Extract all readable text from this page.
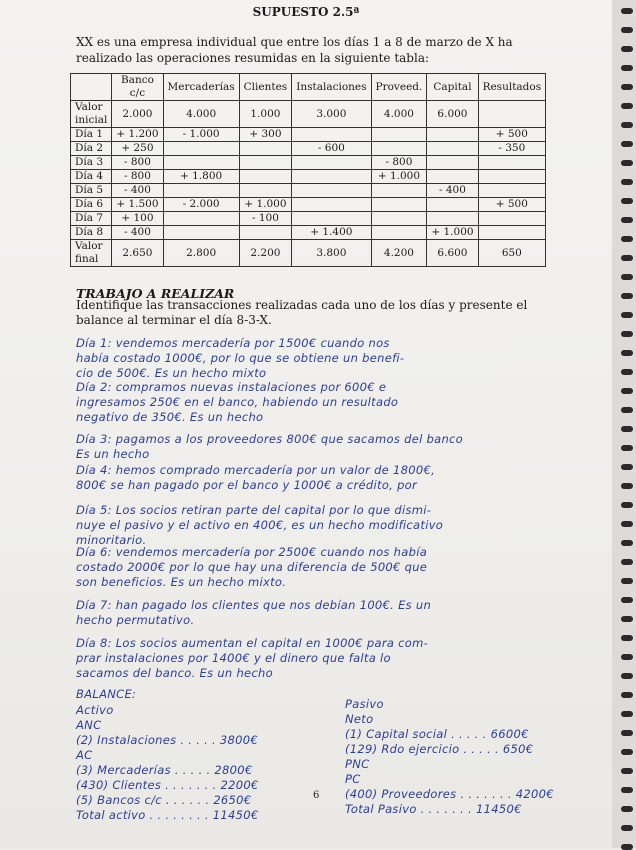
SUPUESTO 2.5ª
XX es una empresa individual que entre los días 1 a 8 de marzo de X ha realizado las operaciones resumidas en la siguiente tabla:
	Banco c/c	Mercaderías	Clientes	Instalaciones	Proveed.	Capital	Resultados
Valor inicial	2.000	4.000	1.000	3.000	4.000	6.000	
Día 1	+ 1.200	- 1.000	+ 300				+ 500
Día 2	+ 250			- 600			- 350
Día 3	- 800				- 800		
Día 4	- 800	+ 1.800			+ 1.000		
Día 5	- 400					- 400	
Día 6	+ 1.500	- 2.000	+ 1.000				+ 500
Día 7	+ 100		- 100				
Día 8	- 400			+ 1.400		+ 1.000	
Valor final	2.650	2.800	2.200	3.800	4.200	6.600	650
TRABAJO A REALIZAR
Identifique las transacciones realizadas cada uno de los días y presente el balance al terminar el día 8-3-X.

Día 1: vendemos mercadería por 1500€ cuando nos

había costado 1000€, por lo que se obtiene un benefi-

cio de 500€. Es un hecho mixto

Día 2: compramos nuevas instalaciones por 600€ e

ingresamos 250€ en el banco, habiendo un resultado

negativo de 350€. Es un hecho

Día 3: pagamos a los proveedores 800€ que sacamos del banco

Es un hecho

Día 4: hemos comprado mercadería por un valor de 1800€,

800€ se han pagado por el banco y 1000€ a crédito, por

Día 5: Los socios retiran parte del capital por lo que dismi-

nuye el pasivo y el activo en 400€, es un hecho modificativo

minoritario.

Día 6: vendemos mercadería por 2500€ cuando nos había

costado 2000€ por lo que hay una diferencia de 500€ que

son beneficios. Es un hecho mixto.

Día 7: han pagado los clientes que nos debían 100€. Es un

hecho permutativo.

Día 8: Los socios aumentan el capital en 1000€ para com-

prar instalaciones por 1400€ y el dinero que falta lo

sacamos del banco. Es un hecho

BALANCE:
Activo
ANC
(2) Instalaciones . . . . . 3800€
AC
(3) Mercaderías . . . . . 2800€
(430) Clientes . . . . . . . 2200€
(5) Bancos c/c . . . . . . 2650€
Total activo . . . . . . . . 11450€
Pasivo
Neto
(1) Capital social . . . . . 6600€
(129) Rdo ejercicio . . . . . 650€
PNC
PC
(400) Proveedores . . . . . . . 4200€
Total Pasivo . . . . . . . 11450€
6
